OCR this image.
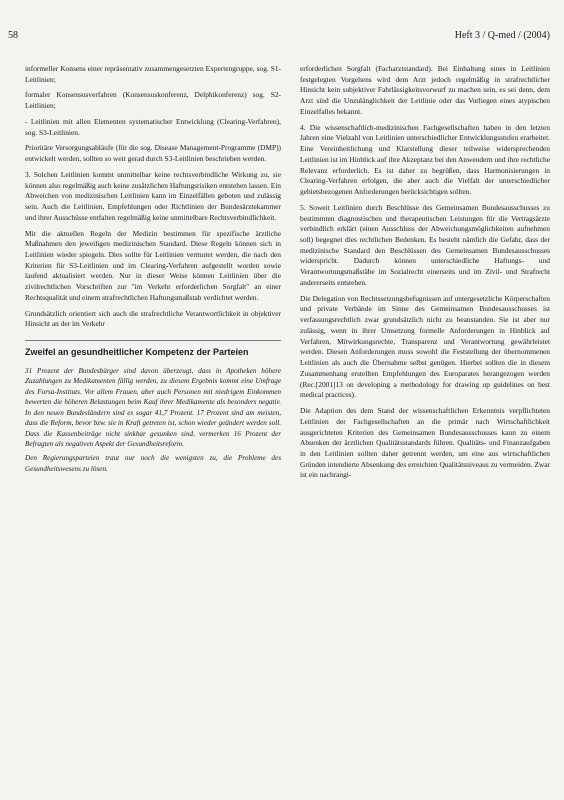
58	Heft 3 / Q-med / (2004)

informeller Konsens einer repräsentativ zusammengesetzten Expertengruppe, sog. S1-Leitlinien;

formaler Konsensusverfahren (Konsensuskonferenz, Delphikonferenz) sog. S2-Leitlinien;

- Leitlinien mit allen Elementen systematischer Entwicklung (Clearing-Verfahren), sog. S3-Leitlinien.

Prioritäre Versorgungsabläufe (für die sog. Disease Management-Programme (DMP)) entwickelt werden, sollten so weit gerad durch S3-Leitlinien beschrieben werden.

3. Solchen Leitlinien kommt unmittelbar keine rechtsverbindliche Wirkung zu, sie können also regelmäßig auch keine zusätzlichen Haftungsrisiken entstehen lassen. Ein Abweichen von medizinischen Leitlinien kann im Einzelfällen geboten und zulässig sein. Auch die Leitlinien, Empfehlungen oder Richtlinien der Bundesärztekammer und ihrer Ausschüsse entfalten regelmäßig keine unmittelbare Rechtsverbindlichkeit.

Mit die aktuellen Regeln der Medizin bestimmen für spezifische ärztliche Maßnahmen den jeweiligen medizinischen Standard. Diese Regeln können sich in Leitlinien wieder spiegeln. Dies sollte für Leitlinien vermutet werden, die nach den Kriterien für S3-Leitlinien und im Clearing-Verfahren aufgestellt worden sowie laufend aktualisiert werden. Nur in dieser Weise können Leitlinien über die zivilrechtlichen Vorschriften zur "im Verkehr erforderlichen Sorgfalt" an einer Rechtsqualität und einem strafrechtlichen Haftungsmaßstab verdichtet werden.

Grundsätzlich orientiert sich auch die strafrechtliche Verantwortlichkeit in objektiver Hinsicht an der im Verkehr

Zweifel an gesundheitlicher Kompetenz der Parteien

31 Prozent der Bundesbürger sind davon überzeugt, dass in Apotheken höhere Zuzahlungen zu Medikamenten fällig werden, zu diesem Ergebnis kommt eine Umfrage des Forsa-Instituts. Vor allem Frauen, aber auch Personen mit niedrigem Einkommen bewerten die höheren Belastungen beim Kauf ihrer Medikamente als besonders negativ. In den neuen Bundesländern sind es sogar 41,7 Prozent. 17 Prozent sind am meisten, dass die Reform, bevor bzw. sie in Kraft getreten ist, schon wieder geändert werden soll. Dass die Kassenbeiträge nicht sinkbar gesunken sind, vermerken 16 Prozent der Befragten als negativen Aspekt der Gesundheitsreform.

Den Regierungsparteien traut nur noch die wenigsten zu, die Probleme des Gesundheitswesens zu lösen.

erforderlichen Sorgfalt (Facharztstandard). Bei Einhaltung eines in Leitlinien festgelegten Vorgehens wird dem Arzt jedoch regelmäßig in strafrechtlicher Hinsicht kein subjektiver Fahrlässigkeitsvorwurf zu machen sein, es sei denn, dem Arzt sind die Unzulänglichkeit der Leitlinie oder das Vorliegen eines atypischen Einzelfalles bekannt.

4. Die wissenschaftlich-medizinischen Fachgesellschaften haben in den letzten Jahren eine Vielzahl von Leitlinien unterschiedlicher Entwicklungsstufen erarbeitet. Eine Vereinheitlichung und Klarstellung dieser teilweise widersprechenden Leitlinien ist im Hinblick auf ihre Akzeptanz bei den Anwendern und ihre rechtliche Relevanz erforderlich. Es ist daher zu begrüßen, dass Harmonisierungen in Clearing-Verfahren erfolgen, die aber auch die Vielfalt der unterschiedlicher gebietsbezogenen Anforderungen berücksichtigen sollten.

5. Soweit Leitlinien durch Beschlüsse des Gemeinsamen Bundesausschusses zu bestimmten diagnostischen und therapeutischen Leistungen für die Vertragsärzte verbindlich erklärt (einen Ausschluss der Abweichungsmöglichkeiten aufnehmen soll) begegnet dies rechtlichen Bedenken. Es besteht nämlich die Gefahr, dass der medizinische Standard den Beschlüssen des Gemeinsamen Bundesausschusses widerspricht. Dadurch können unterschiedliche Haftungs- und Verantwortungsmaßstäbe im Sozialrecht einerseits und im Zivil- und Strafrecht andererseits entstehen.

Die Delegation von Rechtssetzungsbefugnissen auf untergesetzliche Körperschaften und private Verbände im Sinne des Gemeinsamen Bundesausschusses ist verfassungsrechtlich zwar grundsätzlich nicht zu beanstanden. Sie ist aber nur zulässig, wenn in ihrer Umsetzung formelle Anforderungen in Hinblick auf Verfahren, Mitwirkungsrechte, Transparenz und Verantwortung gewährleistet werden. Diesen Anforderungen muss sowohl die Feststellung der übernommenen Leitlinien als auch die Übernahme selbst genügen. Hierbei sollten die in diesem Zusammenhang erstellten Empfehlungen des Europarates herangezogen werden (Rec.[2001]13 on developing a methodology for drawing up guidelines on best medical practices).

Die Adaption des dem Stand der wissenschaftlichen Erkenntnis verpflichteten Leitlinien der Fachgesellschaften an die primär nach Wirtschaftlichkeit ausgerichteten Kriterien des Gemeinsamen Bundesausschusses kann zu einem Absenken der ärztlichen Qualitätsstandards führen. Qualitäts- und Finanzaufgaben in den Leitlinien sollten daher getrennt werden, um eine aus wirtschaftlichen Gründen intendierte Absenkung des erreichten Qualitätsniveaus zu vermeiden. Zwar ist ein nachrangi-
